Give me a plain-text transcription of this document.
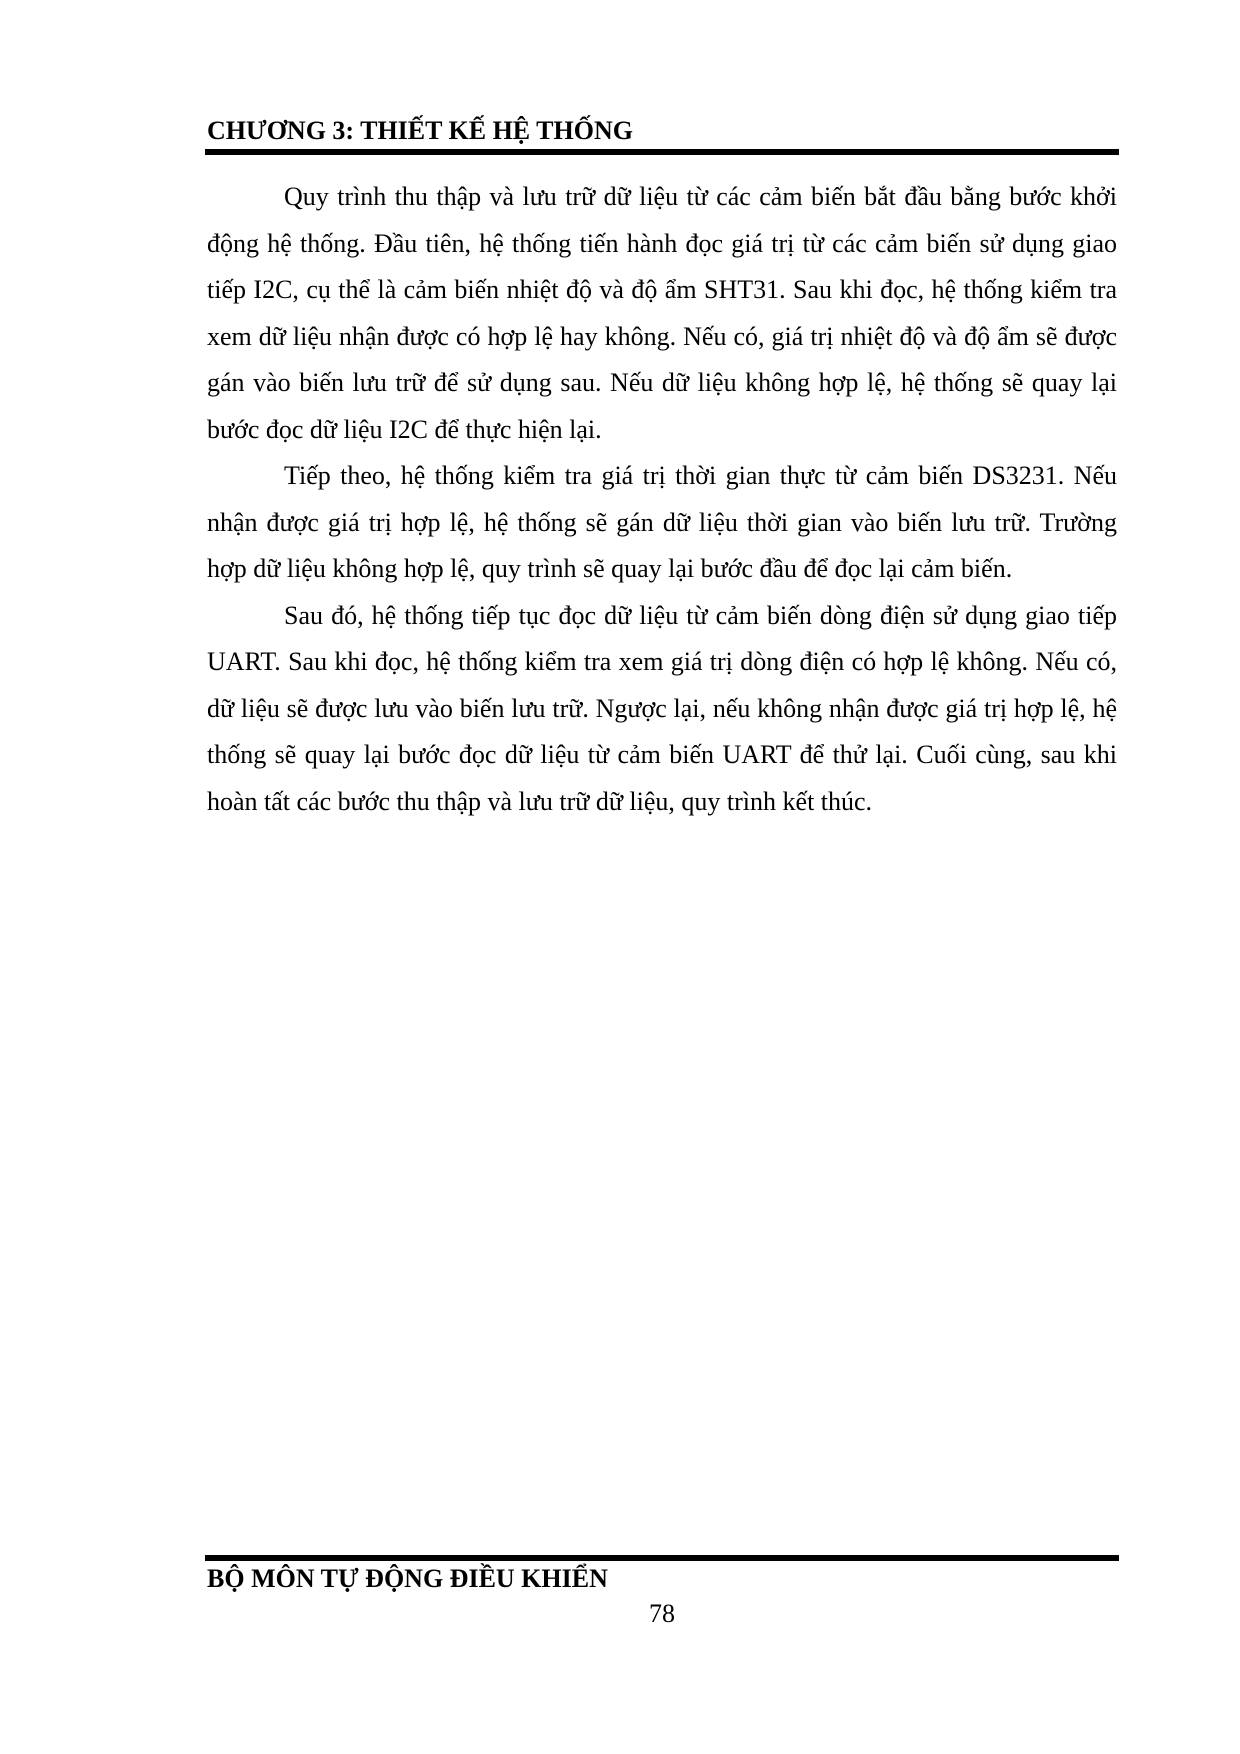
CHƯƠNG 3: THIẾT KẾ HỆ THỐNG

Quy trình thu thập và lưu trữ dữ liệu từ các cảm biến bắt đầu bằng bước khởi động hệ thống. Đầu tiên, hệ thống tiến hành đọc giá trị từ các cảm biến sử dụng giao tiếp I2C, cụ thể là cảm biến nhiệt độ và độ ẩm SHT31. Sau khi đọc, hệ thống kiểm tra xem dữ liệu nhận được có hợp lệ hay không. Nếu có, giá trị nhiệt độ và độ ẩm sẽ được gán vào biến lưu trữ để sử dụng sau. Nếu dữ liệu không hợp lệ, hệ thống sẽ quay lại bước đọc dữ liệu I2C để thực hiện lại.

Tiếp theo, hệ thống kiểm tra giá trị thời gian thực từ cảm biến DS3231. Nếu nhận được giá trị hợp lệ, hệ thống sẽ gán dữ liệu thời gian vào biến lưu trữ. Trường hợp dữ liệu không hợp lệ, quy trình sẽ quay lại bước đầu để đọc lại cảm biến.

Sau đó, hệ thống tiếp tục đọc dữ liệu từ cảm biến dòng điện sử dụng giao tiếp UART. Sau khi đọc, hệ thống kiểm tra xem giá trị dòng điện có hợp lệ không. Nếu có, dữ liệu sẽ được lưu vào biến lưu trữ. Ngược lại, nếu không nhận được giá trị hợp lệ, hệ thống sẽ quay lại bước đọc dữ liệu từ cảm biến UART để thử lại. Cuối cùng, sau khi hoàn tất các bước thu thập và lưu trữ dữ liệu, quy trình kết thúc.

BỘ MÔN TỰ ĐỘNG ĐIỀU KHIỂN
78
